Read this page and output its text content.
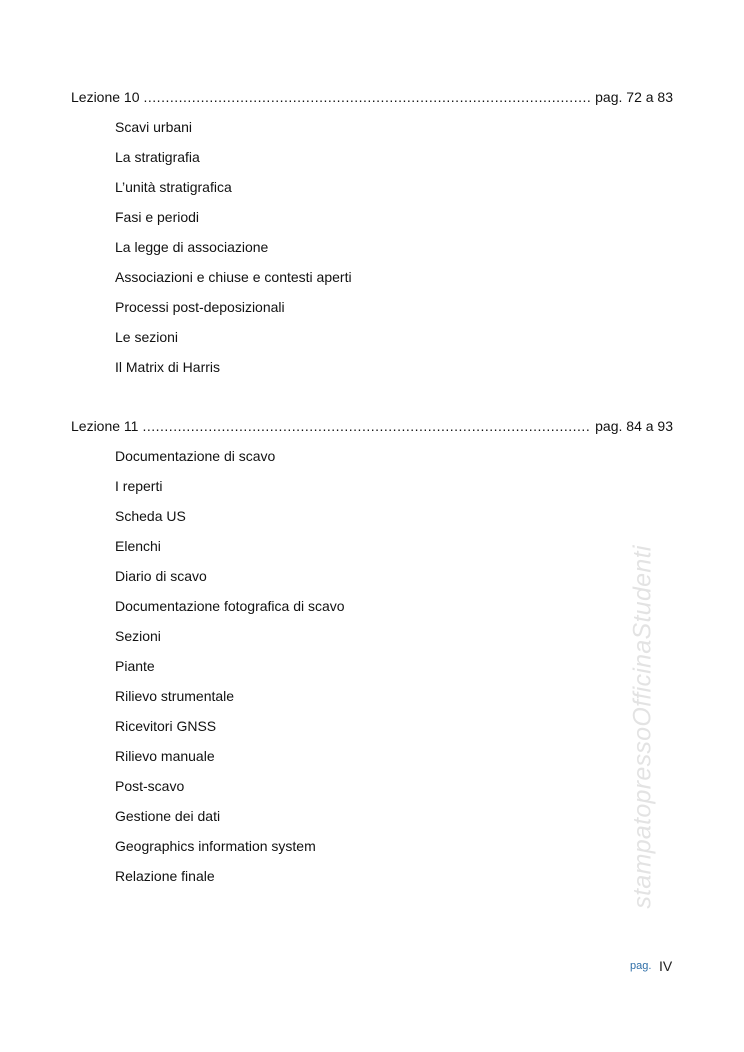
Lezione 10 .....	pag. 72 a 83
Scavi urbani
La stratigrafia
L’unità stratigrafica
Fasi e periodi
La legge di associazione
Associazioni e chiuse e contesti aperti
Processi post-deposizionali
Le sezioni
Il Matrix di Harris
Lezione 11 .....	pag. 84 a 93
Documentazione di scavo
I reperti
Scheda US
Elenchi
Diario di scavo
Documentazione fotografica di scavo
Sezioni
Piante
Rilievo strumentale
Ricevitori GNSS
Rilievo manuale
Post-scavo
Gestione dei dati
Geographics information system
Relazione finale	stampatopressoOfficinaStudenti
pag. IV
